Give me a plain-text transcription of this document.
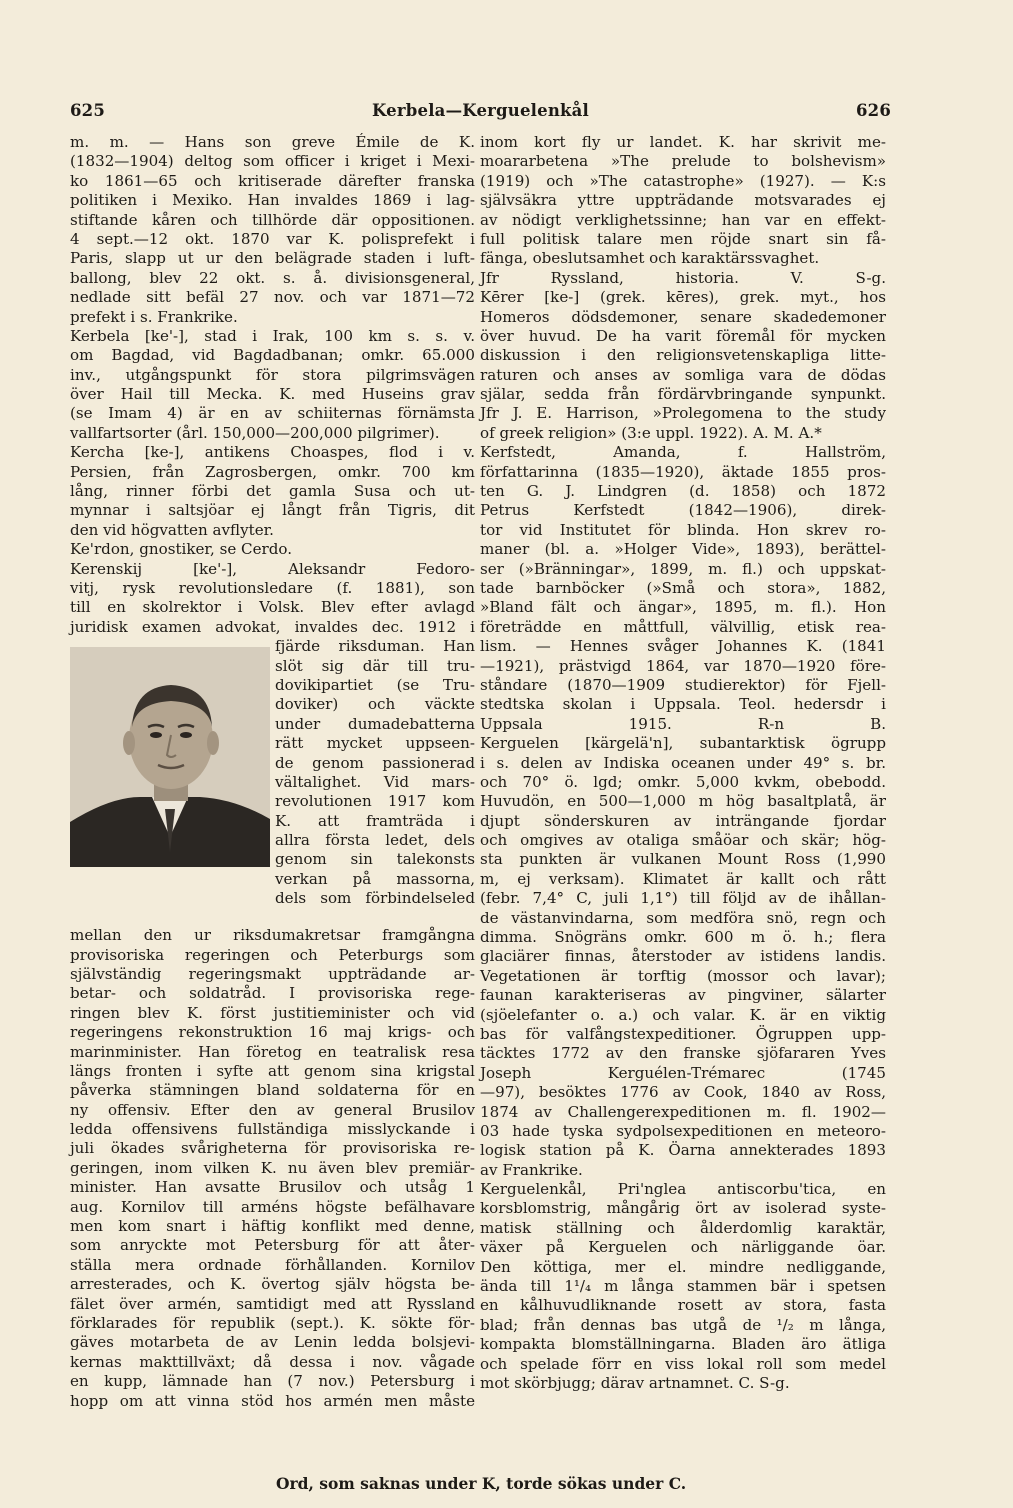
625	Kerbela—Kerguelenkål	626
m. m. — Hans son greve Émile de K.
(1832—1904) deltog som officer i kriget i Mexi-
ko 1861—65 och kritiserade därefter franska
politiken i Mexiko. Han invaldes 1869 i lag-
stiftande kåren och tillhörde där oppositionen.
4 sept.—12 okt. 1870 var K. polisprefekt i
Paris, slapp ut ur den belägrade staden i luft-
ballong, blev 22 okt. s. å. divisionsgeneral,
nedlade sitt befäl 27 nov. och var 1871—72
prefekt i s. Frankrike.
Kerbela [ke'-], stad i Irak, 100 km s. s. v.
om Bagdad, vid Bagdadbanan; omkr. 65.000
inv., utgångspunkt för stora pilgrimsvägen
över Hail till Mecka. K. med Huseins grav
(se Imam 4) är en av schiiternas förnämsta
vallfartsorter (årl. 150,000—200,000 pilgrimer).
Kercha [ke-], antikens Choaspes, flod i v.
Persien, från Zagrosbergen, omkr. 700 km
lång, rinner förbi det gamla Susa och ut-
mynnar i saltsjöar ej långt från Tigris, dit
den vid högvatten avflyter.
Ke'rdon, gnostiker, se Cerdo.
Kerenskij [ke'-], Aleksandr Fedoro-
vitj, rysk revolutionsledare (f. 1881), son
till en skolrektor i Volsk. Blev efter avlagd
juridisk examen advokat, invaldes dec. 1912 i
fjärde riksduman. Han
slöt sig där till tru-
dovikipartiet (se Tru-
doviker) och väckte
under dumadebatterna
rätt mycket uppseen-
de genom passionerad
vältalighet. Vid mars-
revolutionen 1917 kom
K. att framträda i
allra första ledet, dels
genom sin talekonsts
verkan på massorna,
dels som förbindelseled
mellan den ur riksdumakretsar framgångna
provisoriska regeringen och Peterburgs som
självständig regeringsmakt uppträdande ar-
betar- och soldatråd. I provisoriska rege-
ringen blev K. först justitieminister och vid
regeringens rekonstruktion 16 maj krigs- och
marinminister. Han företog en teatralisk resa
längs fronten i syfte att genom sina krigstal
påverka stämningen bland soldaterna för en
ny offensiv. Efter den av general Brusilov
ledda offensivens fullständiga misslyckande i
juli ökades svårigheterna för provisoriska re-
geringen, inom vilken K. nu även blev premiär-
minister. Han avsatte Brusilov och utsåg 1
aug. Kornilov till arméns högste befälhavare
men kom snart i häftig konflikt med denne,
som anryckte mot Petersburg för att åter-
ställa mera ordnade förhållanden. Kornilov
arresterades, och K. övertog själv högsta be-
fälet över armén, samtidigt med att Ryssland
förklarades för republik (sept.). K. sökte för-
gäves motarbeta de av Lenin ledda bolsjevi-
kernas makttillväxt; då dessa i nov. vågade
en kupp, lämnade han (7 nov.) Petersburg i
hopp om att vinna stöd hos armén men måste
inom kort fly ur landet. K. har skrivit me-
moararbetena »The prelude to bolshevism»
(1919) och »The catastrophe» (1927). — K:s
självsäkra yttre uppträdande motsvarades ej
av nödigt verklighetssinne; han var en effekt-
full politisk talare men röjde snart sin få-
fänga, obeslutsamhet och karaktärssvaghet.
Jfr Ryssland, historia. V. S-g.
Kērer [ke-] (grek. kēres), grek. myt., hos
Homeros dödsdemoner, senare skadedemoner
över huvud. De ha varit föremål för mycken
diskussion i den religionsvetenskapliga litte-
raturen och anses av somliga vara de dödas
själar, sedda från fördärvbringande synpunkt.
Jfr J. E. Harrison, »Prolegomena to the study
of greek religion» (3:e uppl. 1922). A. M. A.*
Kerfstedt, Amanda, f. Hallström,
författarinna (1835—1920), äktade 1855 pros-
ten G. J. Lindgren (d. 1858) och 1872
Petrus Kerfstedt (1842—1906), direk-
tor vid Institutet för blinda. Hon skrev ro-
maner (bl. a. »Holger Vide», 1893), berättel-
ser (»Bränningar», 1899, m. fl.) och uppskat-
tade barnböcker (»Små och stora», 1882,
»Bland fält och ängar», 1895, m. fl.). Hon
företrädde en måttfull, välvillig, etisk rea-
lism. — Hennes svåger Johannes K. (1841
—1921), prästvigd 1864, var 1870—1920 före-
ståndare (1870—1909 studierektor) för Fjell-
stedtska skolan i Uppsala. Teol. hedersdr i
Uppsala 1915. R-n B.
Kerguelen [kärgelä'n], subantarktisk ögrupp
i s. delen av Indiska oceanen under 49° s. br.
och 70° ö. lgd; omkr. 5,000 kvkm, obebodd.
Huvudön, en 500—1,000 m hög basaltplatå, är
djupt sönderskuren av inträngande fjordar
och omgives av otaliga småöar och skär; hög-
sta punkten är vulkanen Mount Ross (1,990
m, ej verksam). Klimatet är kallt och rått
(febr. 7,4° C, juli 1,1°) till följd av de ihållan-
de västanvindarna, som medföra snö, regn och
dimma. Snögräns omkr. 600 m ö. h.; flera
glaciärer finnas, återstoder av istidens landis.
Vegetationen är torftig (mossor och lavar);
faunan karakteriseras av pingviner, sälarter
(sjöelefanter o. a.) och valar. K. är en viktig
bas för valfångstexpeditioner. Ögruppen upp-
täcktes 1772 av den franske sjöfararen Yves
Joseph Kerguélen-Trémarec (1745
—97), besöktes 1776 av Cook, 1840 av Ross,
1874 av Challengerexpeditionen m. fl. 1902—
03 hade tyska sydpolsexpeditionen en meteoro-
logisk station på K. Öarna annekterades 1893
av Frankrike.
Kerguelenkål, Pri'nglea antiscorbu'tica, en
korsblomstrig, mångårig ört av isolerad syste-
matisk ställning och ålderdomlig karaktär,
växer på Kerguelen och närliggande öar.
Den köttiga, mer el. mindre nedliggande,
ända till 1¹/₄ m långa stammen bär i spetsen
en kålhuvudliknande rosett av stora, fasta
blad; från dennas bas utgå de ¹/₂ m långa,
kompakta blomställningarna. Bladen äro ätliga
och spelade förr en viss lokal roll som medel
mot skörbjugg; därav artnamnet. C. S-g.
Ord, som saknas under K, torde sökas under C.
